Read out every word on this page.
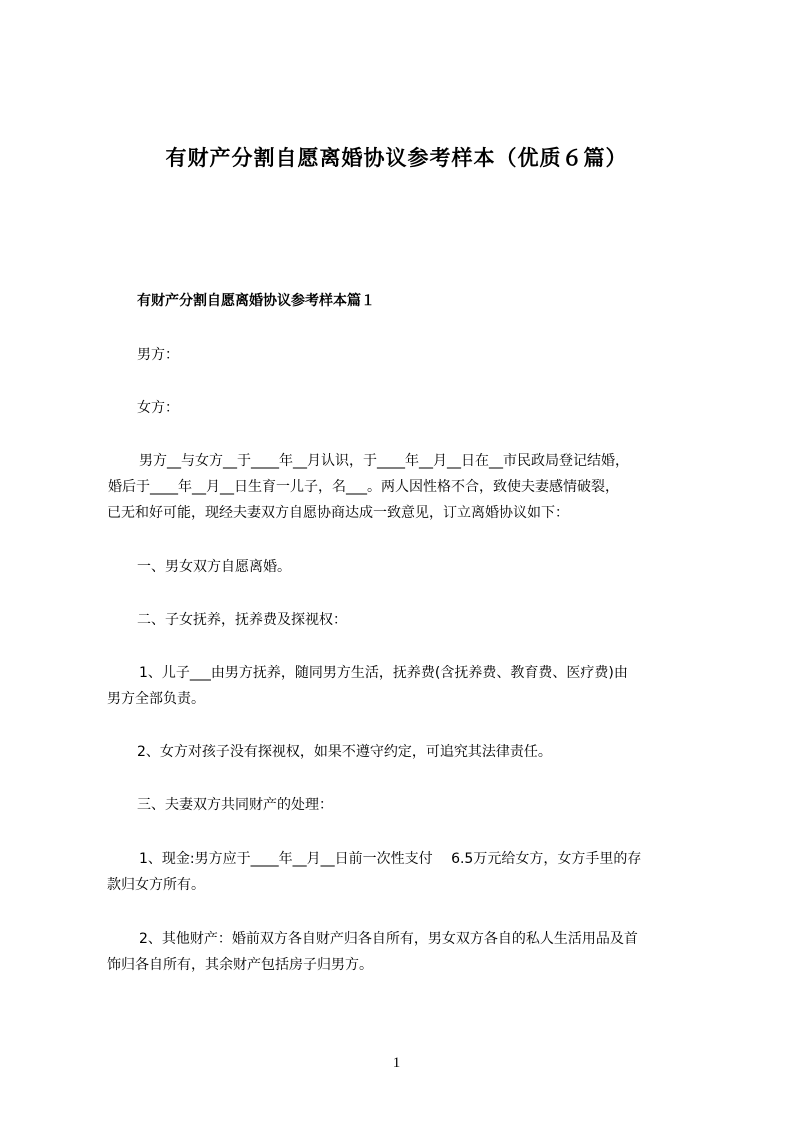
有财产分割自愿离婚协议参考样本（优质６篇）
有财产分割自愿离婚协议参考样本篇１
男方：
女方：
男方__与女方__于____年__月认识，于____年__月__日在__市民政局登记结婚，
婚后于____年__月__日生育一儿子，名___。两人因性格不合，致使夫妻感情破裂，
已无和好可能，现经夫妻双方自愿协商达成一致意见，订立离婚协议如下：
一、男女双方自愿离婚。
二、子女抚养，抚养费及探视权：
1、儿子___由男方抚养，随同男方生活，抚养费(含抚养费、教育费、医疗费)由
男方全部负责。
2、女方对孩子没有探视权，如果不遵守约定，可追究其法律责任。
三、夫妻双方共同财产的处理：
1、现金:男方应于____年__月__日前一次性支付　 6.5万元给女方，女方手里的存
款归女方所有。
2、其他财产：婚前双方各自财产归各自所有，男女双方各自的私人生活用品及首
饰归各自所有，其余财产包括房子归男方。
1
